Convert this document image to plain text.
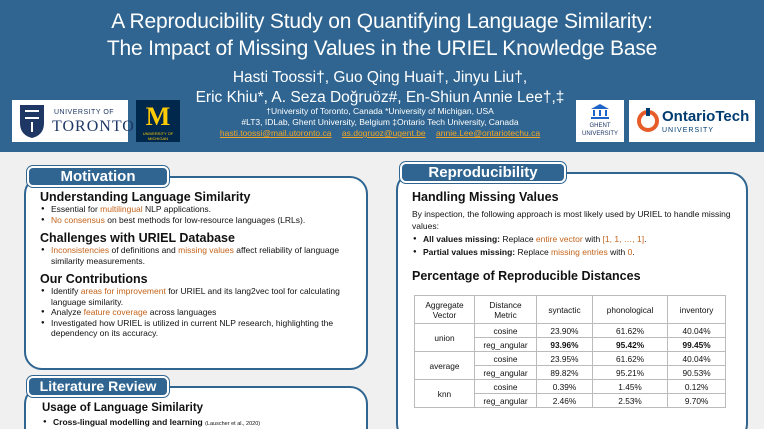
A Reproducibility Study on Quantifying Language Similarity:
The Impact of Missing Values in the URIEL Knowledge Base
Hasti Toossi†, Guo Qing Huai†, Jinyu Liu†,
Eric Khiu*, A. Seza Doğruöz#, En-Shiun Annie Lee†,‡
†University of Toronto, Canada *University of Michigan, USA
#LT3, IDLab, Ghent University, Belgium ‡Ontario Tech University, Canada
hasti.toossi@mail.utoronto.ca as.dogruoz@ugent.be annie.Lee@ontariotechu.ca
UNIVERSITY OF
TORONTO M
UNIVERSITY OF MICHIGAN
GHENT UNIVERSITY
OntarioTech
UNIVERSITY
Motivation
Understanding Language Similarity
● Essential for multilingual NLP applications.
● No consensus on best methods for low-resource languages (LRLs).
Challenges with URIEL Database
● Inconsistencies of definitions and missing values affect reliability of language similarity measurements.
Our Contributions
● Identify areas for improvement for URIEL and its lang2vec tool for calculating language similarity.
● Analyze feature coverage across languages
● Investigated how URIEL is utilized in current NLP research, highlighting the dependency on its accuracy.
Literature Review
Usage of Language Similarity
● Cross-lingual modelling and learning (Lauscher et al., 2020)
Reproducibility
Handling Missing Values
By inspection, the following approach is most likely used by URIEL to handle missing values:
● All values missing: Replace entire vector with [1, 1, …, 1].
● Partial values missing: Replace missing entries with 0.
Percentage of Reproducible Distances
Aggregate Vector	Distance Metric	syntactic	phonological	inventory
union	cosine	23.90%	61.62%	40.04%
	reg_angular	93.96%	95.42%	99.45%
average	cosine	23.95%	61.62%	40.04%
	reg_angular	89.82%	95.21%	90.53%
knn	cosine	0.39%	1.45%	0.12%
	reg_angular	2.46%	2.53%	9.70%
